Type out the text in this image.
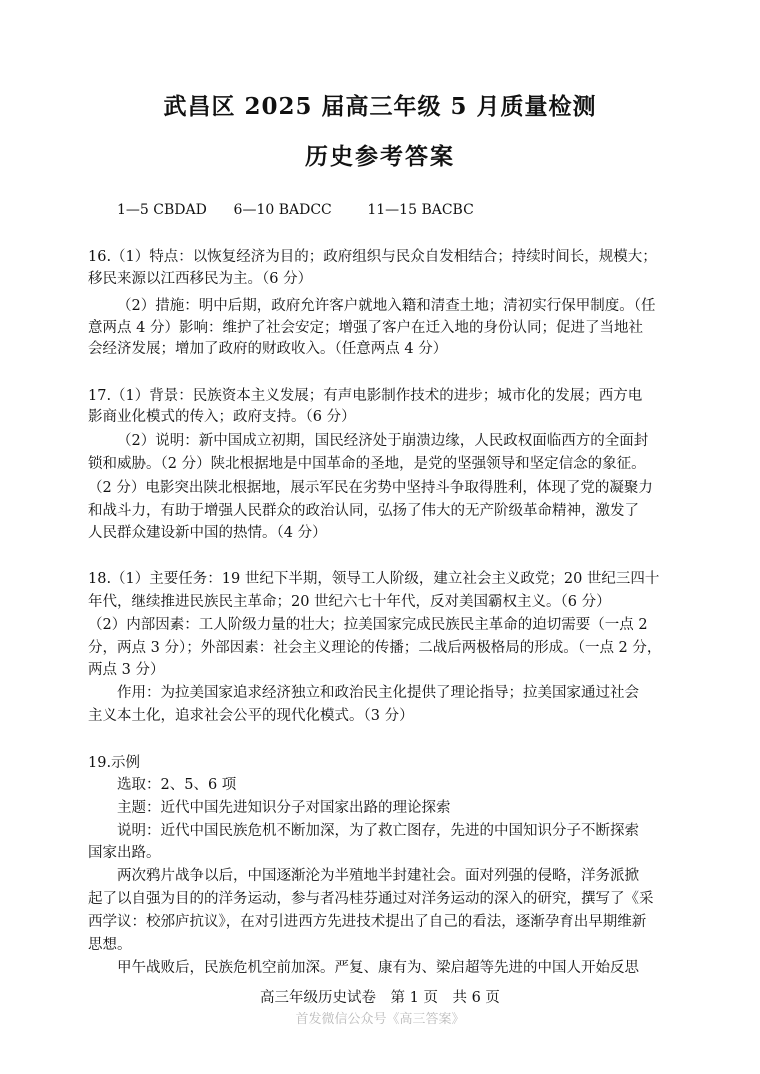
武昌区 2025 届高三年级 5 月质量检测
历史参考答案
1—5 CBDAD 6—10 BADCC	11—15 BACBC
16.（1）特点：以恢复经济为目的；政府组织与民众自发相结合；持续时间长，规模大；
移民来源以江西移民为主。（6 分）
（2）措施：明中后期，政府允许客户就地入籍和清查土地；清初实行保甲制度。（任
意两点 4 分）影响：维护了社会安定；增强了客户在迁入地的身份认同；促进了当地社
会经济发展；增加了政府的财政收入。（任意两点 4 分）
17.（1）背景：民族资本主义发展；有声电影制作技术的进步；城市化的发展；西方电
影商业化模式的传入；政府支持。（6 分）
（2）说明：新中国成立初期，国民经济处于崩溃边缘，人民政权面临西方的全面封
锁和威胁。（2 分）陕北根据地是中国革命的圣地，是党的坚强领导和坚定信念的象征。
（2 分）电影突出陕北根据地，展示军民在劣势中坚持斗争取得胜利，体现了党的凝聚力
和战斗力，有助于增强人民群众的政治认同，弘扬了伟大的无产阶级革命精神，激发了
人民群众建设新中国的热情。（4 分）
18.（1）主要任务：19 世纪下半期，领导工人阶级，建立社会主义政党；20 世纪三四十
年代，继续推进民族民主革命；20 世纪六七十年代，反对美国霸权主义。（6 分）
（2）内部因素：工人阶级力量的壮大；拉美国家完成民族民主革命的迫切需要（一点 2
分，两点 3 分）；外部因素：社会主义理论的传播；二战后两极格局的形成。（一点 2 分，
两点 3 分）
作用：为拉美国家追求经济独立和政治民主化提供了理论指导；拉美国家通过社会
主义本土化，追求社会公平的现代化模式。（3 分）
19.示例
选取：2、5、6 项
主题：近代中国先进知识分子对国家出路的理论探索
说明：近代中国民族危机不断加深，为了救亡图存，先进的中国知识分子不断探索
国家出路。
两次鸦片战争以后，中国逐渐沦为半殖地半封建社会。面对列强的侵略，洋务派掀
起了以自强为目的的洋务运动，参与者冯桂芬通过对洋务运动的深入的研究，撰写了《采
西学议：校邠庐抗议》，在对引进西方先进技术提出了自己的看法，逐渐孕育出早期维新
思想。
甲午战败后，民族危机空前加深。严复、康有为、梁启超等先进的中国人开始反思
高三年级历史试卷　第 1 页　共 6 页
首发微信公众号《高三答案》
